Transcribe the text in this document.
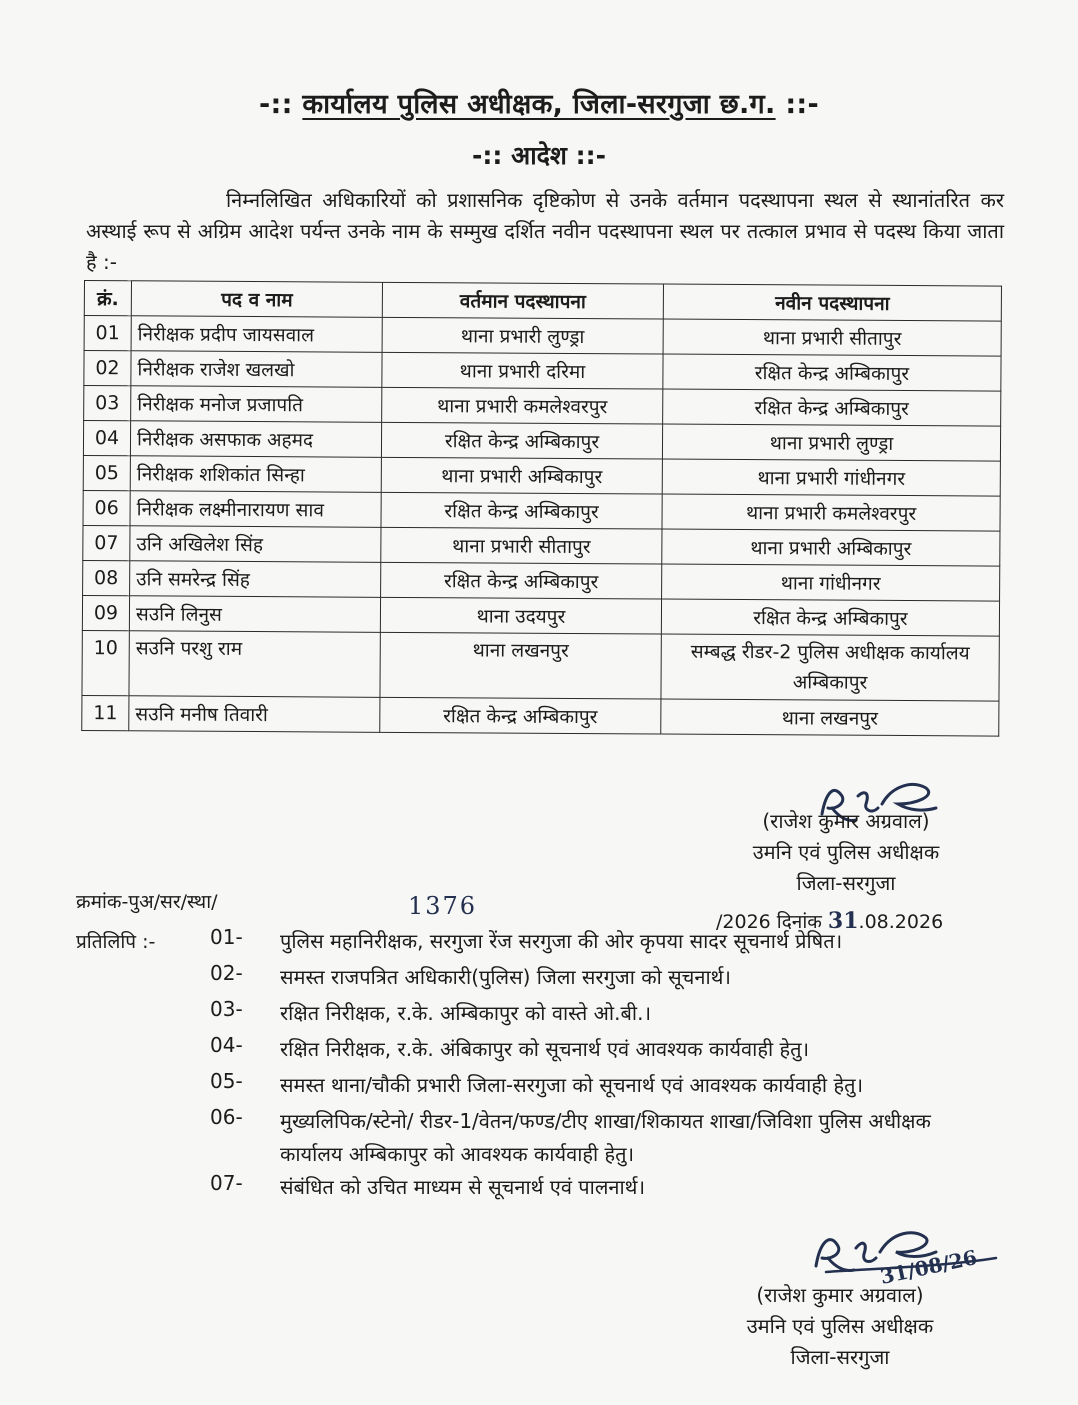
-:: कार्यालय पुलिस अधीक्षक, जिला-सरगुजा छ.ग. ::-
-:: आदेश ::-
निम्नलिखित अधिकारियों को प्रशासनिक दृष्टिकोण से उनके वर्तमान पदस्थापना स्थल से स्थानांतरित कर अस्थाई रूप से अग्रिम आदेश पर्यन्त उनके नाम के सम्मुख दर्शित नवीन पदस्थापना स्थल पर तत्काल प्रभाव से पदस्थ किया जाता है :-
क्रं.	पद व नाम	वर्तमान पदस्थापना	नवीन पदस्थापना
01	निरीक्षक प्रदीप जायसवाल	थाना प्रभारी लुण्ड्रा	थाना प्रभारी सीतापुर
02	निरीक्षक राजेश खलखो	थाना प्रभारी दरिमा	रक्षित केन्द्र अम्बिकापुर
03	निरीक्षक मनोज प्रजापति	थाना प्रभारी कमलेश्वरपुर	रक्षित केन्द्र अम्बिकापुर
04	निरीक्षक असफाक अहमद	रक्षित केन्द्र अम्बिकापुर	थाना प्रभारी लुण्ड्रा
05	निरीक्षक शशिकांत सिन्हा	थाना प्रभारी अम्बिकापुर	थाना प्रभारी गांधीनगर
06	निरीक्षक लक्ष्मीनारायण साव	रक्षित केन्द्र अम्बिकापुर	थाना प्रभारी कमलेश्वरपुर
07	उनि अखिलेश सिंह	थाना प्रभारी सीतापुर	थाना प्रभारी अम्बिकापुर
08	उनि समरेन्द्र सिंह	रक्षित केन्द्र अम्बिकापुर	थाना गांधीनगर
09	सउनि लिनुस	थाना उदयपुर	रक्षित केन्द्र अम्बिकापुर
10	सउनि परशु राम	थाना लखनपुर	सम्बद्ध रीडर-2 पुलिस अधीक्षक कार्यालय अम्बिकापुर
11	सउनि मनीष तिवारी	रक्षित केन्द्र अम्बिकापुर	थाना लखनपुर
(राजेश कुमार अग्रवाल)
उमनि एवं पुलिस अधीक्षक
जिला-सरगुजा
क्रमांक-पुअ/सर/स्था/	1376
/2026 दिनांक 31.08.2026
प्रतिलिपि :-	01-	पुलिस महानिरीक्षक, सरगुजा रेंज सरगुजा की ओर कृपया सादर सूचनार्थ प्रेषित।
02-	समस्त राजपत्रित अधिकारी(पुलिस) जिला सरगुजा को सूचनार्थ।
03-	रक्षित निरीक्षक, र.के. अम्बिकापुर को वास्ते ओ.बी.।
04-	रक्षित निरीक्षक, र.के. अंबिकापुर को सूचनार्थ एवं आवश्यक कार्यवाही हेतु।
05-	समस्त थाना/चौकी प्रभारी जिला-सरगुजा को सूचनार्थ एवं आवश्यक कार्यवाही हेतु।
06-	मुख्यलिपिक/स्टेनो/ रीडर-1/वेतन/फण्ड/टीए शाखा/शिकायत शाखा/जिविशा पुलिस अधीक्षक कार्यालय अम्बिकापुर को आवश्यक कार्यवाही हेतु।
07-	संबंधित को उचित माध्यम से सूचनार्थ एवं पालनार्थ।
31/08/26
(राजेश कुमार अग्रवाल)
उमनि एवं पुलिस अधीक्षक
जिला-सरगुजा
